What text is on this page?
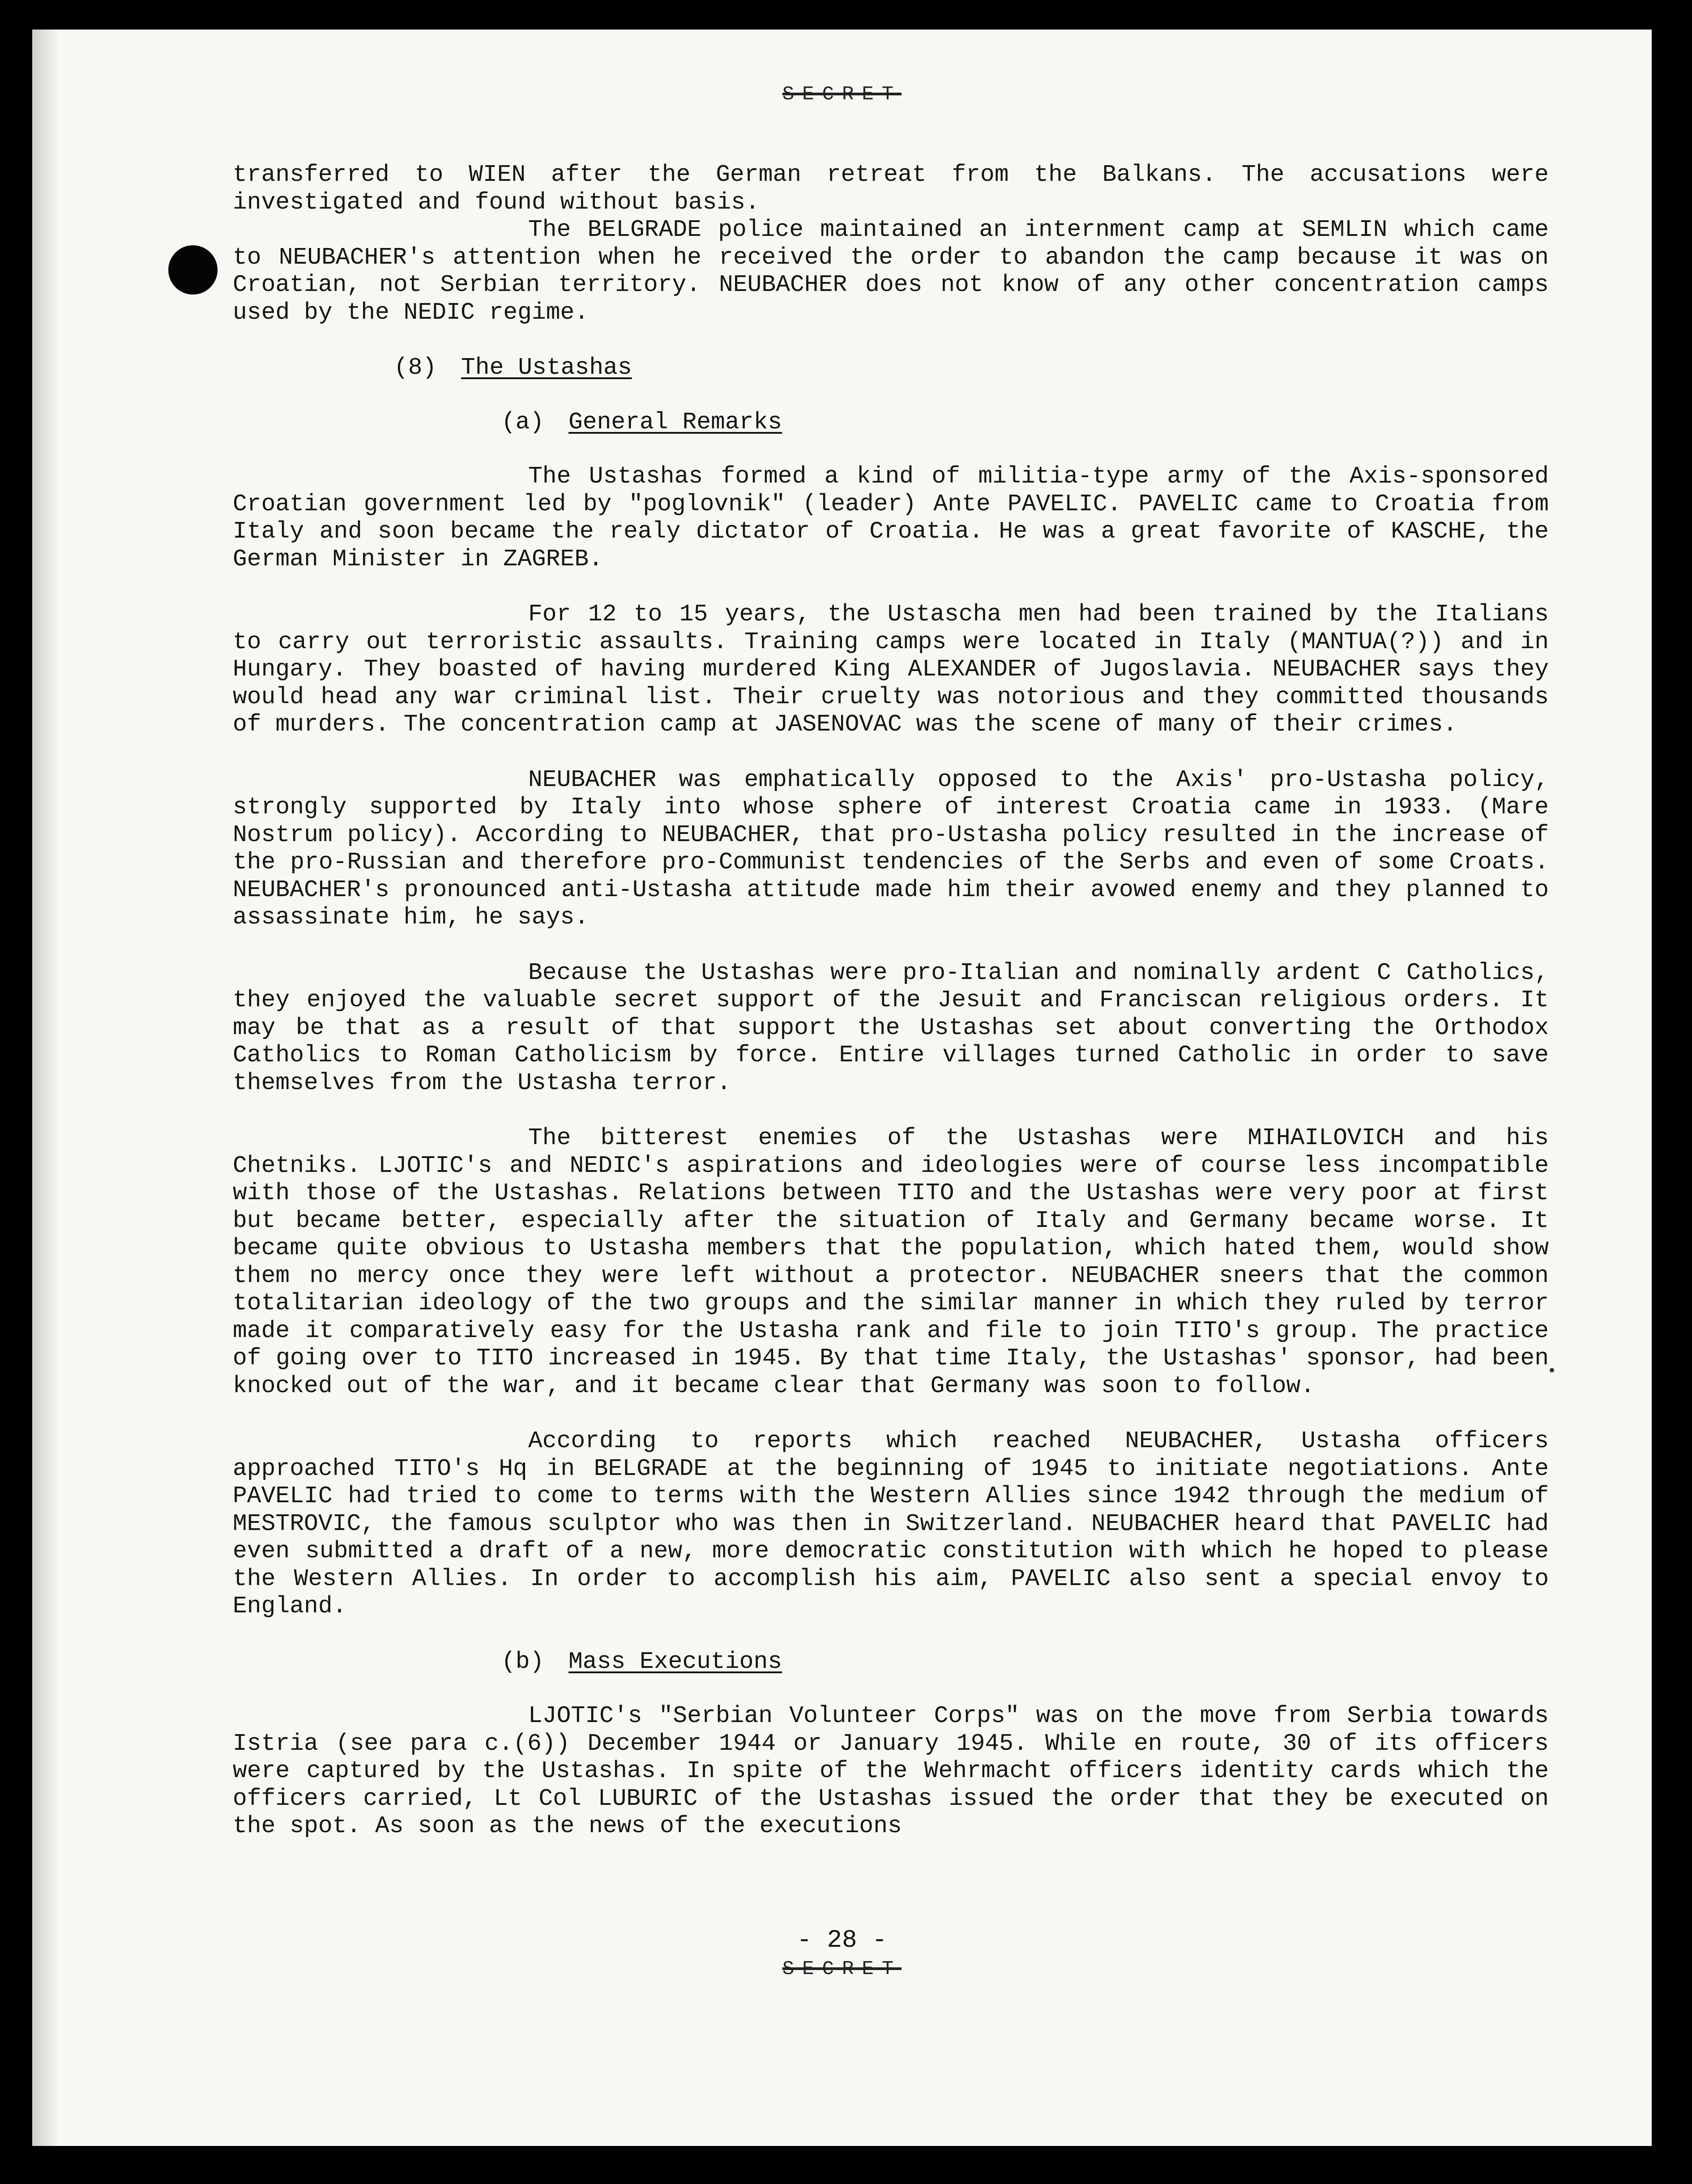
SECRET

transferred to WIEN after the German retreat from the Balkans. The accusations were investigated and found without basis.

The BELGRADE police maintained an internment camp at SEMLIN which came to NEUBACHER's attention when he received the order to abandon the camp because it was on Croatian, not Serbian territory. NEUBACHER does not know of any other concentration camps used by the NEDIC regime.

(8) The Ustashas
(a) General Remarks

The Ustashas formed a kind of militia-type army of the Axis-sponsored Croatian government led by "poglovnik" (leader) Ante PAVELIC. PAVELIC came to Croatia from Italy and soon became the realy dictator of Croatia. He was a great favorite of KASCHE, the German Minister in ZAGREB.

For 12 to 15 years, the Ustascha men had been trained by the Italians to carry out terroristic assaults. Training camps were located in Italy (MANTUA(?)) and in Hungary. They boasted of having murdered King ALEXANDER of Jugoslavia. NEUBACHER says they would head any war criminal list. Their cruelty was notorious and they committed thousands of murders. The concentration camp at JASENOVAC was the scene of many of their crimes.

NEUBACHER was emphatically opposed to the Axis' pro-Ustasha policy, strongly supported by Italy into whose sphere of interest Croatia came in 1933. (Mare Nostrum policy). According to NEUBACHER, that pro-Ustasha policy resulted in the increase of the pro-Russian and therefore pro-Communist tendencies of the Serbs and even of some Croats. NEUBACHER's pronounced anti-Ustasha attitude made him their avowed enemy and they planned to assassinate him, he says.

Because the Ustashas were pro-Italian and nominally ardent C Catholics, they enjoyed the valuable secret support of the Jesuit and Franciscan religious orders. It may be that as a result of that support the Ustashas set about converting the Orthodox Catholics to Roman Catholicism by force. Entire villages turned Catholic in order to save themselves from the Ustasha terror.

The bitterest enemies of the Ustashas were MIHAILOVICH and his Chetniks. LJOTIC's and NEDIC's aspirations and ideologies were of course less incompatible with those of the Ustashas. Relations between TITO and the Ustashas were very poor at first but became better, especially after the situation of Italy and Germany became worse. It became quite obvious to Ustasha members that the population, which hated them, would show them no mercy once they were left without a protector. NEUBACHER sneers that the common totalitarian ideology of the two groups and the similar manner in which they ruled by terror made it comparatively easy for the Ustasha rank and file to join TITO's group. The practice of going over to TITO increased in 1945. By that time Italy, the Ustashas' sponsor, had been knocked out of the war, and it became clear that Germany was soon to follow.

According to reports which reached NEUBACHER, Ustasha officers approached TITO's Hq in BELGRADE at the beginning of 1945 to initiate negotiations. Ante PAVELIC had tried to come to terms with the Western Allies since 1942 through the medium of MESTROVIC, the famous sculptor who was then in Switzerland. NEUBACHER heard that PAVELIC had even submitted a draft of a new, more democratic constitution with which he hoped to please the Western Allies. In order to accomplish his aim, PAVELIC also sent a special envoy to England.

(b) Mass Executions

LJOTIC's "Serbian Volunteer Corps" was on the move from Serbia towards Istria (see para c.(6)) December 1944 or January 1945. While en route, 30 of its officers were captured by the Ustashas. In spite of the Wehrmacht officers identity cards which the officers carried, Lt Col LUBURIC of the Ustashas issued the order that they be executed on the spot. As soon as the news of the executions

- 28 -
SECRET
